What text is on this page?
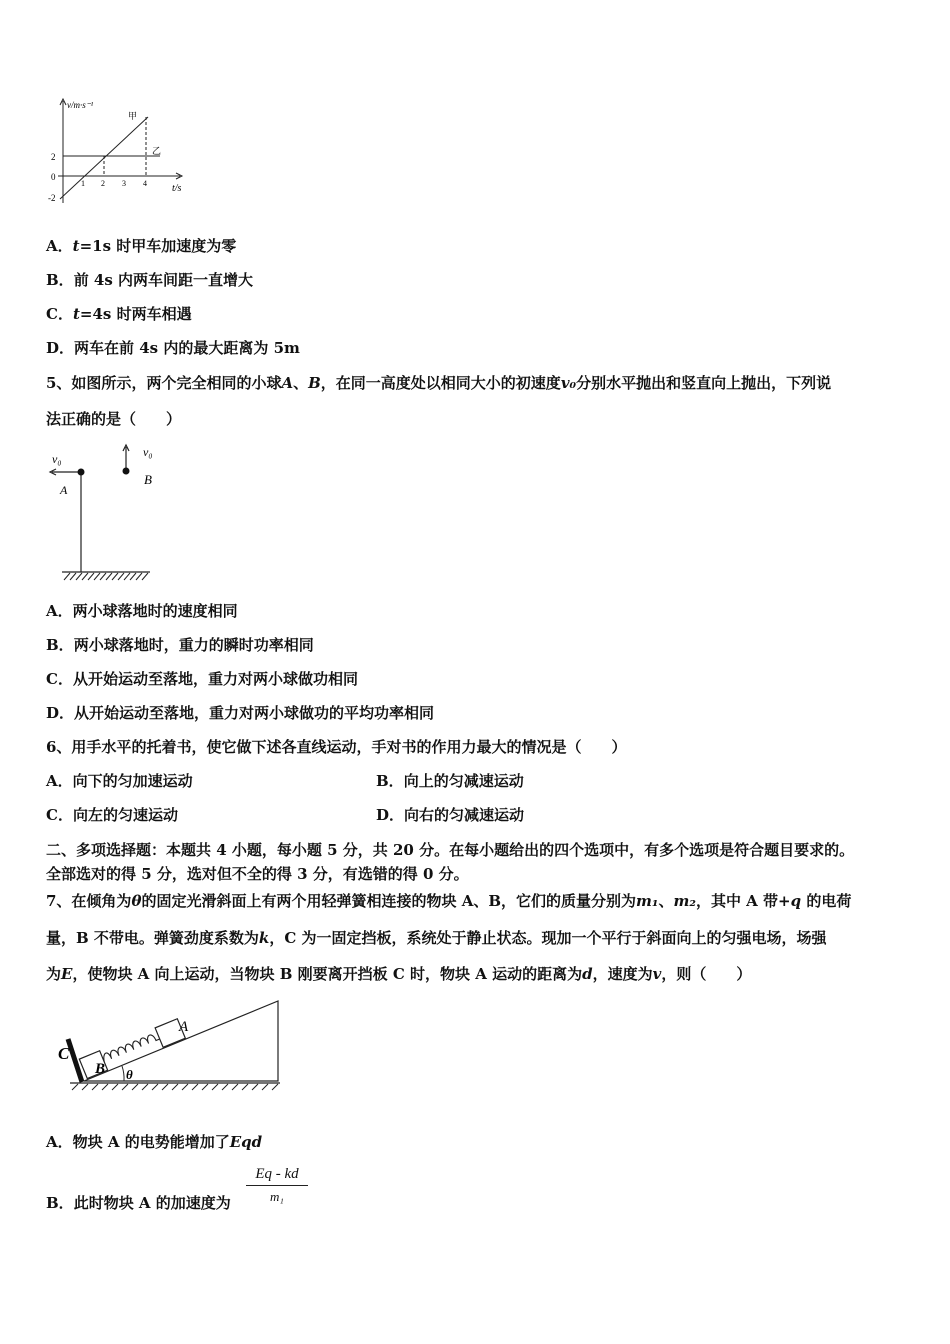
v/m·s⁻¹
t/s
甲
乙
2
0
-2
1 2 3 4
A．t=1s 时甲车加速度为零
B．前 4s 内两车间距一直增大
C．t=4s 时两车相遇
D．两车在前 4s 内的最大距离为 5m
5、如图所示，两个完全相同的小球A、B，在同一高度处以相同大小的初速度v₀分别水平抛出和竖直向上抛出，下列说
法正确的是（　　）
v₀
A
v₀
B
A．两小球落地时的速度相同
B．两小球落地时，重力的瞬时功率相同
C．从开始运动至落地，重力对两小球做功相同
D．从开始运动至落地，重力对两小球做功的平均功率相同
6、用手水平的托着书，使它做下述各直线运动，手对书的作用力最大的情况是（　　）
A．向下的匀加速运动	B．向上的匀减速运动
C．向左的匀速运动	D．向右的匀减速运动
二、多项选择题：本题共 4 小题，每小题 5 分，共 20 分。在每小题给出的四个选项中，有多个选项是符合题目要求的。
全部选对的得 5 分，选对但不全的得 3 分，有选错的得 0 分。
7、在倾角为θ的固定光滑斜面上有两个用轻弹簧相连接的物块 A、B，它们的质量分别为m₁、m₂，其中 A 带+q 的电荷
量，B 不带电。弹簧劲度系数为k，C 为一固定挡板，系统处于静止状态。现加一个平行于斜面向上的匀强电场，场强
为E，使物块 A 向上运动，当物块 B 刚要离开挡板 C 时，物块 A 运动的距离为d，速度为v，则（　　）
C
B
A
θ
A．物块 A 的电势能增加了Eqd
B．此时物块 A 的加速度为
Eq - kd
m₁
